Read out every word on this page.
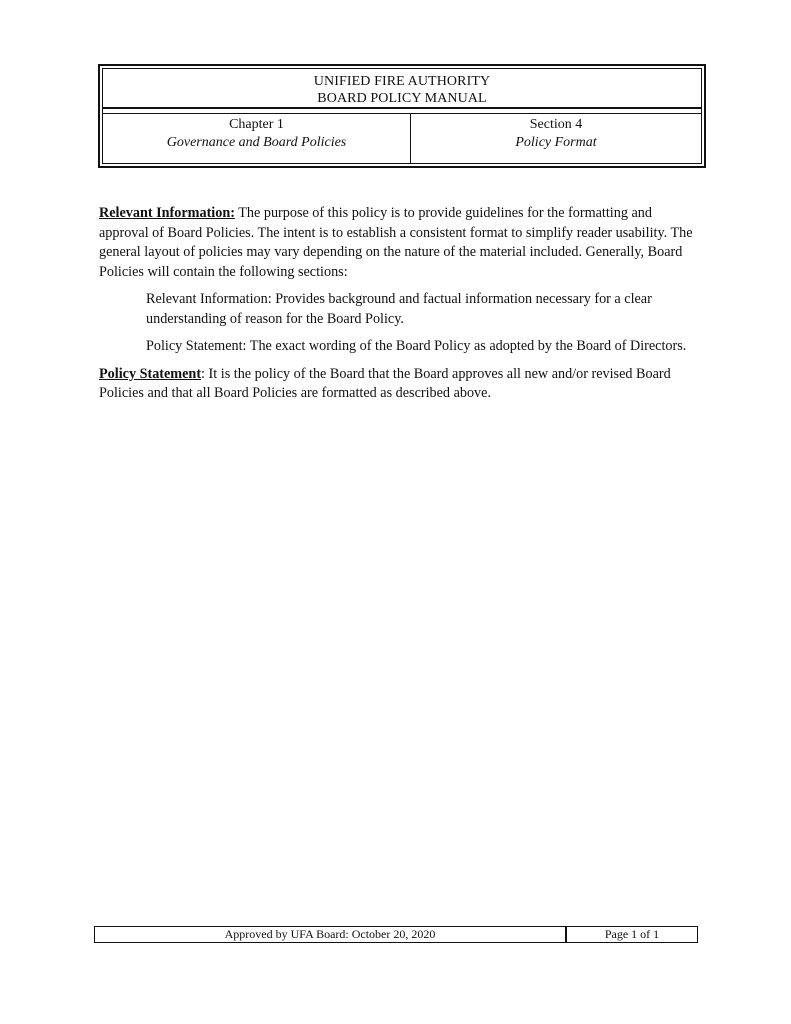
UNIFIED FIRE AUTHORITY
BOARD POLICY MANUAL
Chapter 1
Governance and Board Policies
Section 4
Policy Format

Relevant Information: The purpose of this policy is to provide guidelines for the formatting and approval of Board Policies. The intent is to establish a consistent format to simplify reader usability. The general layout of policies may vary depending on the nature of the material included. Generally, Board Policies will contain the following sections:

Relevant Information: Provides background and factual information necessary for a clear understanding of reason for the Board Policy.

Policy Statement: The exact wording of the Board Policy as adopted by the Board of Directors.

Policy Statement: It is the policy of the Board that the Board approves all new and/or revised Board Policies and that all Board Policies are formatted as described above.

Approved by UFA Board: October 20, 2020	Page 1 of 1
